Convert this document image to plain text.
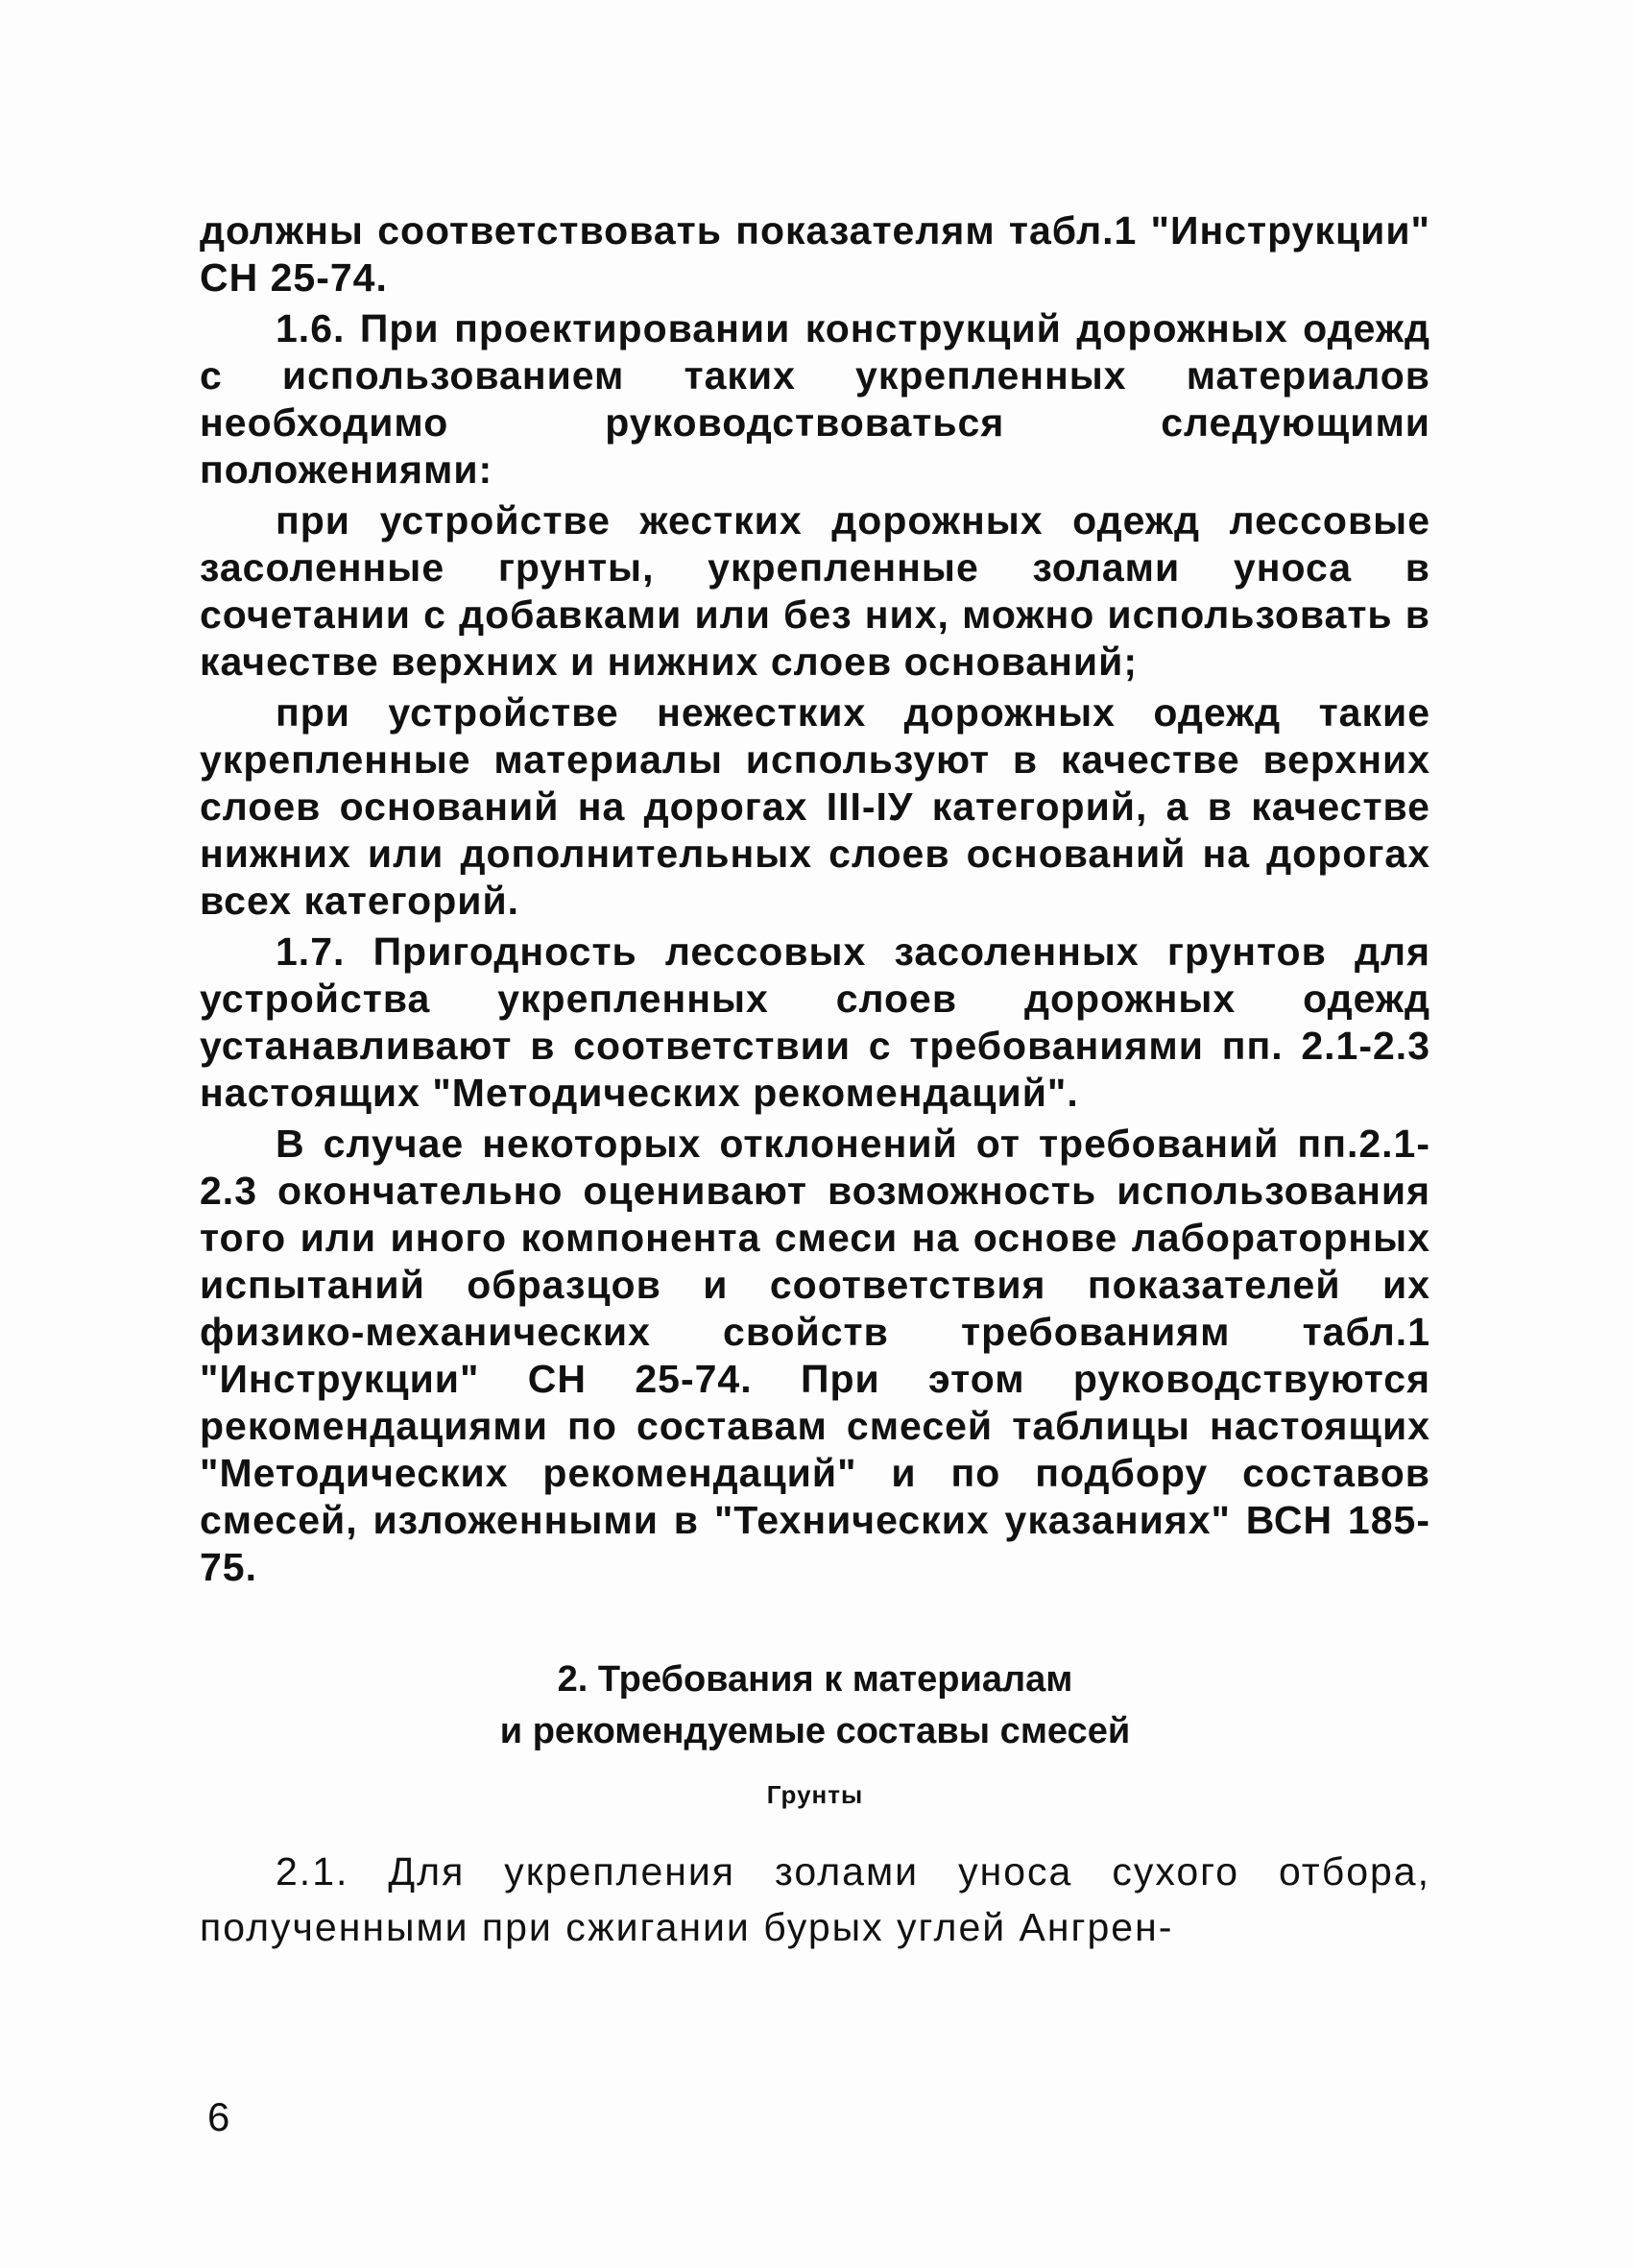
должны соответствовать показателям табл.1 "Инструкции" СН 25-74.

1.6. При проектировании конструкций дорожных одежд с использованием таких укрепленных материалов необходимо руководствоваться следующими положениями:

при устройстве жестких дорожных одежд лессовые засоленные грунты, укрепленные золами уноса в сочетании с добавками или без них, можно использовать в качестве верхних и нижних слоев оснований;

при устройстве нежестких дорожных одежд такие укрепленные материалы используют в качестве верхних слоев оснований на дорогах III-IУ категорий, а в качестве нижних или дополнительных слоев оснований на дорогах всех категорий.

1.7. Пригодность лессовых засоленных грунтов для устройства укрепленных слоев дорожных одежд устанавливают в соответствии с требованиями пп. 2.1-2.3 настоящих "Методических рекомендаций".

В случае некоторых отклонений от требований пп.2.1-2.3 окончательно оценивают возможность использования того или иного компонента смеси на основе лабораторных испытаний образцов и соответствия показателей их физико-механических свойств требованиям табл.1 "Инструкции" СН 25-74. При этом руководствуются рекомендациями по составам смесей таблицы настоящих "Методических рекомендаций" и по подбору составов смесей, изложенными в "Технических указаниях" ВСН 185-75.

2. Требования к материалам
и рекомендуемые составы смесей
Грунты

2.1. Для укрепления золами уноса сухого отбора, полученными при сжигании бурых углей Ангрен-

6
